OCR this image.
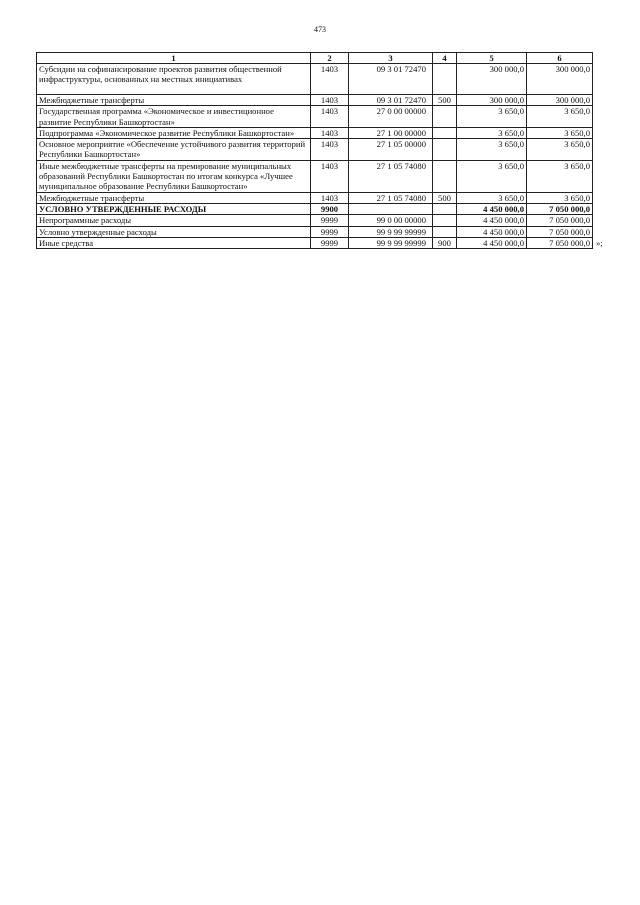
473
1	2	3	4	5	6
Субсидии на софинансирование проектов развития общественной инфраструктуры, основанных на местных инициативах	1403	09 3 01 72470		300 000,0	300 000,0
Межбюджетные трансферты	1403	09 3 01 72470	500	300 000,0	300 000,0
Государственная программа «Экономическое и инвестиционное развитие Республики Башкортостан»	1403	27 0 00 00000		3 650,0	3 650,0
Подпрограмма «Экономическое развитие Республики Башкортостан»	1403	27 1 00 00000		3 650,0	3 650,0
Основное мероприятие «Обеспечение устойчивого развития территорий Республики Башкортостан»	1403	27 1 05 00000		3 650,0	3 650,0
Иные межбюджетные трансферты на премирование муниципальных образований Республики Башкортостан по итогам конкурса «Лучшее муниципальное образование Республики Башкортостан»	1403	27 1 05 74080		3 650,0	3 650,0
Межбюджетные трансферты	1403	27 1 05 74080	500	3 650,0	3 650,0
УСЛОВНО УТВЕРЖДЕННЫЕ РАСХОДЫ	9900			4 450 000,0	7 050 000,0
Непрограммные расходы	9999	99 0 00 00000		4 450 000,0	7 050 000,0
Условно утвержденные расходы	9999	99 9 99 99999		4 450 000,0	7 050 000,0
Иные средства	9999	99 9 99 99999	900	4 450 000,0	7 050 000,0 »;
